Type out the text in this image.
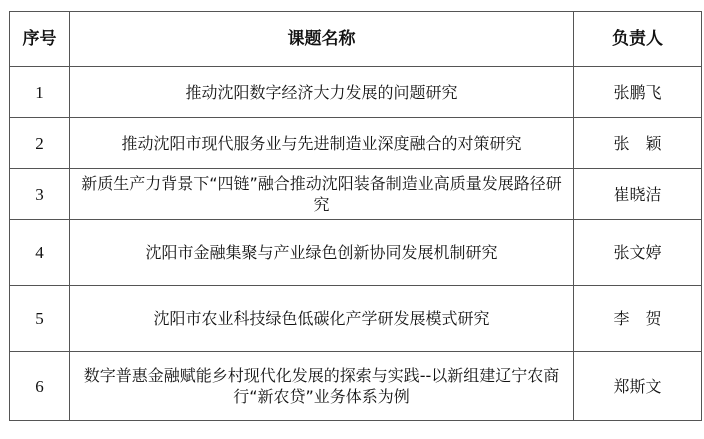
序号	课题名称	负责人
1	推动沈阳数字经济大力发展的问题研究	张鹏飞
2	推动沈阳市现代服务业与先进制造业深度融合的对策研究	张　颖
3	新质生产力背景下“四链”融合推动沈阳装备制造业高质量发展路径研究	崔晓洁
4	沈阳市金融集聚与产业绿色创新协同发展机制研究	张文婷
5	沈阳市农业科技绿色低碳化产学研发展模式研究	李　贺
6	数字普惠金融赋能乡村现代化发展的探索与实践--以新组建辽宁农商行“新农贷”业务体系为例	郑斯文
